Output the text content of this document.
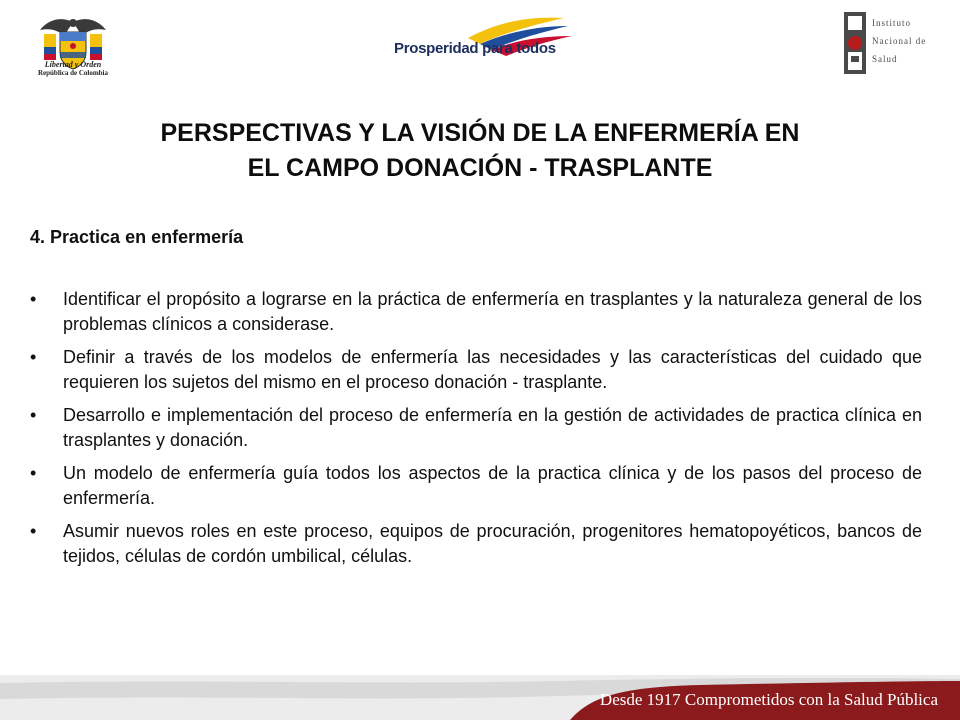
Libertad y Orden
República de Colombia
Prosperidad para todos
Instituto
Nacional de
Salud
PERSPECTIVAS Y LA VISIÓN DE LA ENFERMERÍA EN
EL CAMPO DONACIÓN - TRASPLANTE
4. Practica en enfermería
• Identificar el propósito a lograrse en la práctica de enfermería en trasplantes y la naturaleza general de los problemas clínicos a considerase.
• Definir a través de los modelos de enfermería las necesidades y las características del cuidado que requieren los sujetos del mismo en el proceso donación - trasplante.
• Desarrollo e implementación del proceso de enfermería en la gestión de actividades de practica clínica en trasplantes y donación.
• Un modelo de enfermería guía todos los aspectos de la practica clínica y de los pasos del proceso de enfermería.
• Asumir nuevos roles en este proceso, equipos de procuración, progenitores hematopoyéticos, bancos de tejidos, células de cordón umbilical, células.
Desde 1917 Comprometidos con la Salud Pública
